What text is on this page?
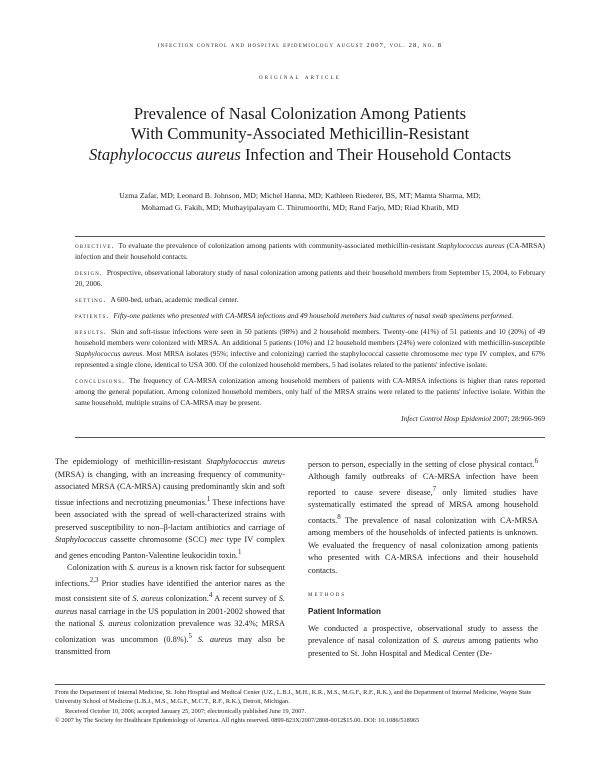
infection control and hospital epidemiology august 2007, vol. 28, no. 8
original article
Prevalence of Nasal Colonization Among Patients
With Community-Associated Methicillin-Resistant
Staphylococcus aureus Infection and Their Household Contacts
Uzma Zafar, MD; Leonard B. Johnson, MD; Michel Hanna, MD; Kathleen Riederer, BS, MT; Mamta Sharma, MD;
Mohamad G. Fakih, MD; Muthayipalayam C. Thirumoorthi, MD; Rand Farjo, MD; Riad Khatib, MD

objective. To evaluate the prevalence of colonization among patients with community-associated methicillin-resistant Staphylococcus aureus (CA-MRSA) infection and their household contacts.

design. Prospective, observational laboratory study of nasal colonization among patients and their household members from September 15, 2004, to February 20, 2006.

setting. A 600-bed, urban, academic medical center.

patients. Fifty-one patients who presented with CA-MRSA infections and 49 household members had cultures of nasal swab specimens performed.

results. Skin and soft-tissue infections were seen in 50 patients (98%) and 2 household members. Twenty-one (41%) of 51 patients and 10 (20%) of 49 household members were colonized with MRSA. An additional 5 patients (10%) and 12 household members (24%) were colonized with methicillin-susceptible Staphylococcus aureus. Most MRSA isolates (95%; infective and colonizing) carried the staphylococcal cassette chromosome mec type IV complex, and 67% represented a single clone, identical to USA 300. Of the colonized household members, 5 had isolates related to the patients' infective isolate.

conclusions. The frequency of CA-MRSA colonization among household members of patients with CA-MRSA infections is higher than rates reported among the general population. Among colonized household members, only half of the MRSA strains were related to the patients' infective isolate. Within the same household, multiple strains of CA-MRSA may be present.

Infect Control Hosp Epidemiol 2007; 28:966-969

The epidemiology of methicillin-resistant Staphylococcus aureus (MRSA) is changing, with an increasing frequency of community-associated MRSA (CA-MRSA) causing predominantly skin and soft tissue infections and necrotizing pneumonias.$^1$ These infections have been associated with the spread of well-characterized strains with preserved susceptibility to non–β-lactam antibiotics and carriage of Staphylococcus cassette chromosome (SCC) mec type IV complex and genes encoding Panton-Valentine leukocidin toxin.$^1$

Colonization with S. aureus is a known risk factor for subsequent infections.$^{2,3}$ Prior studies have identified the anterior nares as the most consistent site of S. aureus colonization.$^4$ A recent survey of S. aureus nasal carriage in the US population in 2001-2002 showed that the national S. aureus colonization prevalence was 32.4%; MRSA colonization was uncommon (0.8%).$^5$ S. aureus may also be transmitted from

person to person, especially in the setting of close physical contact.$^6$ Although family outbreaks of CA-MRSA infection have been reported to cause severe disease,$^7$ only limited studies have systematically estimated the spread of MRSA among household contacts.$^8$ The prevalence of nasal colonization with CA-MRSA among members of the households of infected patients is unknown. We evaluated the frequency of nasal colonization among patients who presented with CA-MRSA infections and their household contacts.

methods
Patient Information

We conducted a prospective, observational study to assess the prevalence of nasal colonization of S. aureus among patients who presented to St. John Hospital and Medical Center (De-

From the Department of Internal Medicine, St. John Hospital and Medical Center (UZ., L.B.J., M.H., K.R., M.S., M.G.F., R.F., R.K.), and the Department of Internal Medicine, Wayne State University School of Medicine (L.B.J., M.S., M.G.F., M.C.T., R.F., R.K.), Detroit, Michigan.

Received October 10, 2006; accepted January 25, 2007; electronically published June 19, 2007.

© 2007 by The Society for Healthcare Epidemiology of America. All rights reserved. 0899-823X/2007/2808-0012$15.00. DOI: 10.1086/518965
